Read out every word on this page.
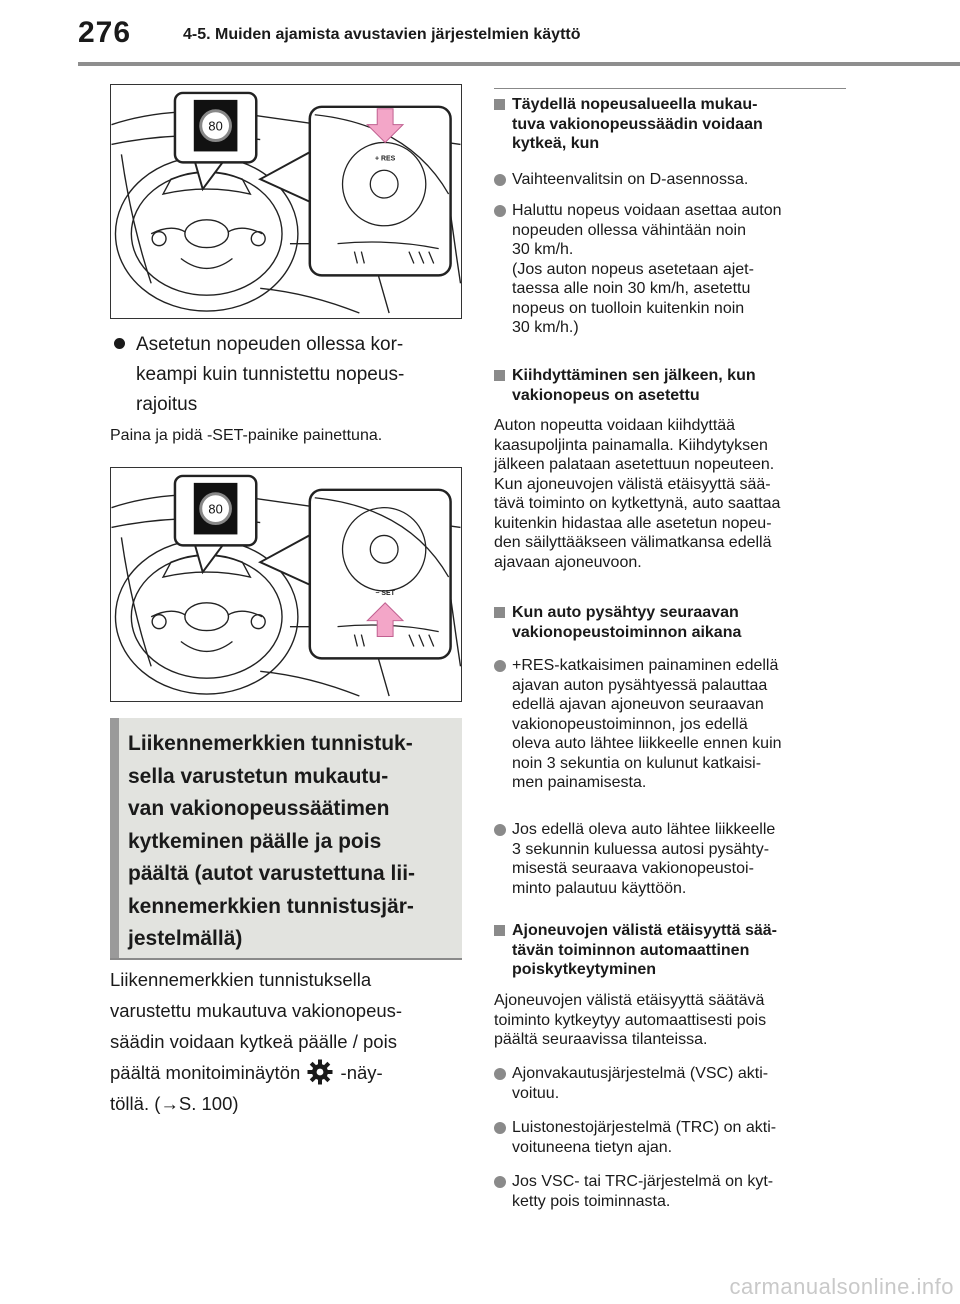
276	4-5. Muiden ajamista avustavien järjestelmien käyttö
80
+ RES
Asetetun nopeuden ollessa kor-
keampi kuin tunnistettu nopeus-
rajoitus
Paina ja pidä -SET-painike painettuna.
80
− SET
Liikennemerkkien tunnistuk-
sella varustetun mukautu-
van vakionopeussäätimen
kytkeminen päälle ja pois
päältä (autot varustettuna lii-
kennemerkkien tunnistusjär-
jestelmällä)
Liikennemerkkien tunnistuksella
varustettu mukautuva vakionopeus-
säädin voidaan kytkeä päälle / pois
päältä monitoiminäytön -näy-
töllä. (→S. 100)
Täydellä nopeusalueella mukau-
tuva vakionopeussäädin voidaan
kytkeä, kun
Vaihteenvalitsin on D-asennossa.
Haluttu nopeus voidaan asettaa auton
nopeuden ollessa vähintään noin
30 km/h.
(Jos auton nopeus asetetaan ajet-
taessa alle noin 30 km/h, asetettu
nopeus on tuolloin kuitenkin noin
30 km/h.)
Kiihdyttäminen sen jälkeen, kun
vakionopeus on asetettu
Auton nopeutta voidaan kiihdyttää
kaasupoljinta painamalla. Kiihdytyksen
jälkeen palataan asetettuun nopeuteen.
Kun ajoneuvojen välistä etäisyyttä sää-
tävä toiminto on kytkettynä, auto saattaa
kuitenkin hidastaa alle asetetun nopeu-
den säilyttääkseen välimatkansa edellä
ajavaan ajoneuvoon.
Kun auto pysähtyy seuraavan
vakionopeustoiminnon aikana
+RES-katkaisimen painaminen edellä
ajavan auton pysähtyessä palauttaa
edellä ajavan ajoneuvon seuraavan
vakionopeustoiminnon, jos edellä
oleva auto lähtee liikkeelle ennen kuin
noin 3 sekuntia on kulunut katkaisi-
men painamisesta.
Jos edellä oleva auto lähtee liikkeelle
3 sekunnin kuluessa autosi pysähty-
misestä seuraava vakionopeustoi-
minto palautuu käyttöön.
Ajoneuvojen välistä etäisyyttä sää-
tävän toiminnon automaattinen
poiskytkeytyminen
Ajoneuvojen välistä etäisyyttä säätävä
toiminto kytkeytyy automaattisesti pois
päältä seuraavissa tilanteissa.
Ajonvakautusjärjestelmä (VSC) akti-
voituu.
Luistonestojärjestelmä (TRC) on akti-
voituneena tietyn ajan.
Jos VSC- tai TRC-järjestelmä on kyt-
ketty pois toiminnasta.
carmanualsonline.info
